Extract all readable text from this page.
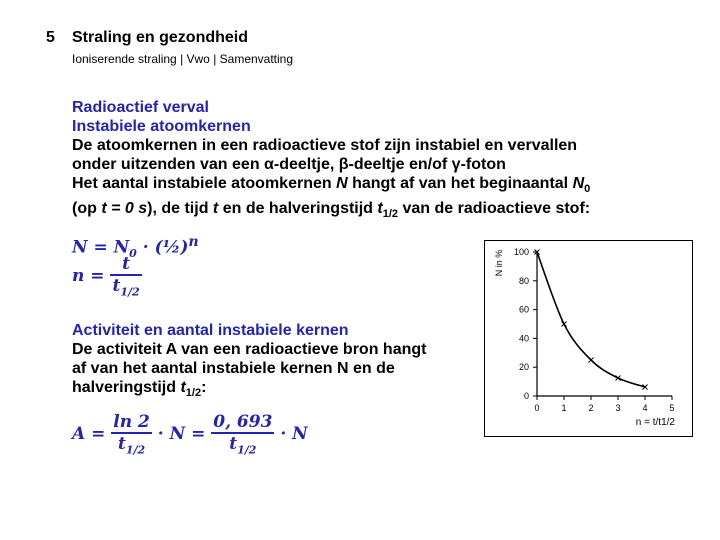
5 Straling en gezondheid
Ioniserende straling | Vwo | Samenvatting
Radioactief verval
Instabiele atoomkernen
De atoomkernen in een radioactieve stof zijn instabiel en vervallen
onder uitzenden van een α-deeltje, β-deeltje en/of γ-foton
Het aantal instabiele atoomkernen N hangt af van het beginaantal $N_0$
(op t = 0 s), de tijd t en de halveringstijd $t_{1/2}$ van de radioactieve stof:
$N = N_0$ · (½)$^n$
$n = \frac{t}{t_{1/2}}$
Activiteit en aantal instabiele kernen
De activiteit A van een radioactieve bron hangt
af van het aantal instabiele kernen N en de
halveringstijd $t_{1/2}$:
$A = \frac{\ln 2}{t_{1/2}} \cdot N = \frac{0, 693}{t_{1/2}} \cdot N$
0
20
40
60
80
100
0 1 2 3 4 5
N in %
n = t/t1/2
